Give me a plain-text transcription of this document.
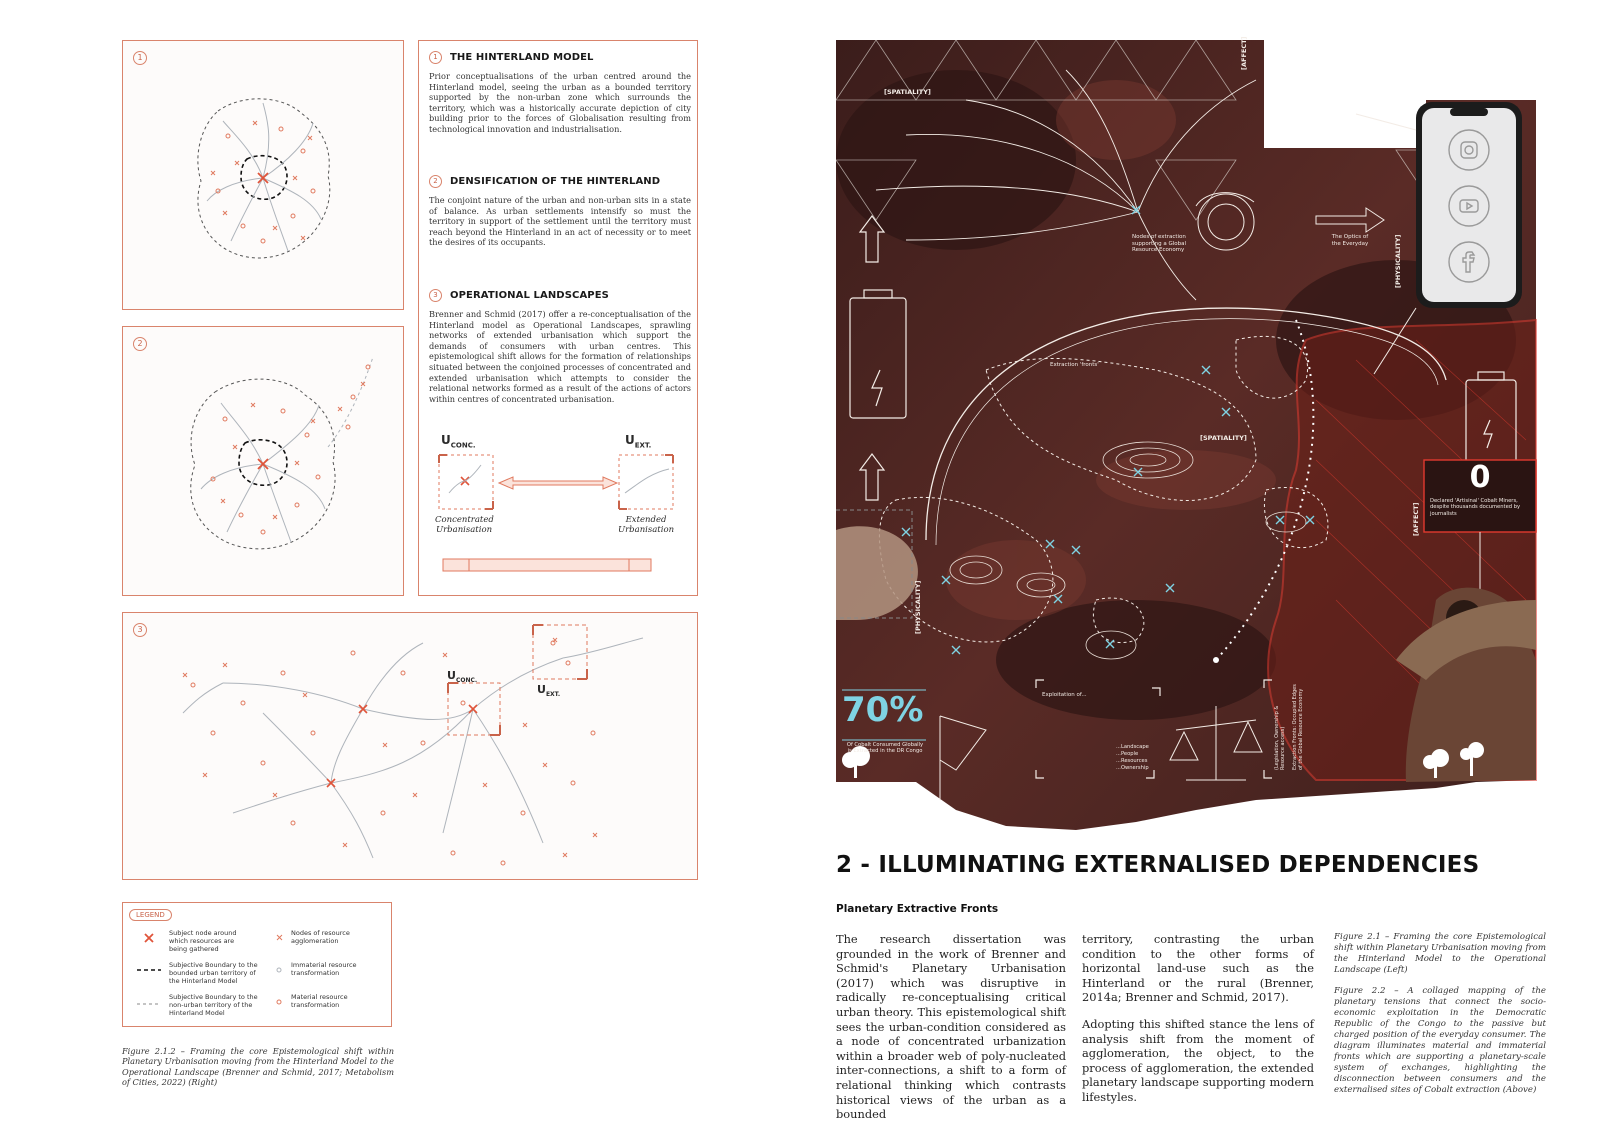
1
2
1	THE HINTERLAND MODEL
Prior conceptualisations of the urban centred around the Hinterland model, seeing the urban as a bounded territory supported by the non-urban zone which surrounds the territory, which was a historically accurate depiction of city building prior to the forces of Globalisation resulting from technological innovation and industrialisation.
2	DENSIFICATION OF THE HINTERLAND
The conjoint nature of the urban and non-urban sits in a state of balance. As urban settlements intensify so must the territory in support of the settlement until the territory must reach beyond the Hinterland in an act of necessity or to meet the desires of its occupants.
3	OPERATIONAL LANDSCAPES
Brenner and Schmid (2017) offer a re-conceptualisation of the Hinterland model as Operational Landscapes, sprawling networks of extended urbanisation which support the demands of consumers with urban centres. This epistemological shift allows for the formation of relationships situated between the conjoined processes of concentrated and extended urbanisation which attempts to consider the relational networks formed as a result of the actions of actors within centres of concentrated urbanisation.
$U_{CONC.}$	$U_{EXT.}$
Concentrated Urbanisation
Extended Urbanisation
3
$U_{CONC.}$
$U_{EXT.}$
LEGEND
Subject node around which resources are being gathered
Nodes of resource agglomeration
Subjective Boundary to the bounded urban territory of the Hinterland Model
Immaterial resource transformation
Subjective Boundary to the non-urban territory of the Hinterland Model
Material resource transformation
Figure 2.1.2 – Framing the core Epistemological shift within Planetary Urbanisation moving from the Hinterland Model to the Operational Landscape (Brenner and Schmid, 2017; Metabolism of Cities, 2022) (Right)
[SPATIALITY]
[AFFECT]
[PHYSICALITY]
Nodes of extraction supporting a Global Resource Economy
The Optics of the Everyday
Extraction 'fronts'
[SPATIALITY]
[AFFECT]
[PHYSICALITY]
0
Declared 'Artisinal' Cobalt Miners, despite thousands documented by journalists
70%
Of Cobalt Consumed Globally is Extracted in the DR Congo
Exploitation of...
...Landscape ...People ...Resources ...Ownership	(Legislation, Ownership & Resource access) Extraction Fronts: Occupied Edges of the Global Resource Economy
2 - ILLUMINATING EXTERNALISED DEPENDENCIES
Planetary Extractive Fronts

The research dissertation was grounded in the work of Brenner and Schmid's Planetary Urbanisation (2017) which was disruptive in radically re-conceptualising critical urban theory. This epistemological shift sees the urban-condition considered as a node of concentrated urbanization within a broader web of poly-nucleated inter-connections, a shift to a form of relational thinking which contrasts historical views of the urban as a bounded

territory, contrasting the urban condition to the other forms of horizontal land-use such as the Hinterland or the rural (Brenner, 2014a; Brenner and Schmid, 2017).

Adopting this shifted stance the lens of analysis shift from the moment of agglomeration, the object, to the process of agglomeration, the extended planetary landscape supporting modern lifestyles.

Figure 2.1 – Framing the core Epistemological shift within Planetary Urbanisation moving from the Hinterland Model to the Operational Landscape (Left)

Figure 2.2 – A collaged mapping of the planetary tensions that connect the socio-economic exploitation in the Democratic Republic of the Congo to the passive but charged position of the everyday consumer. The diagram illuminates material and immaterial fronts which are supporting a planetary-scale system of exchanges, highlighting the disconnection between consumers and the externalised sites of Cobalt extraction (Above)
